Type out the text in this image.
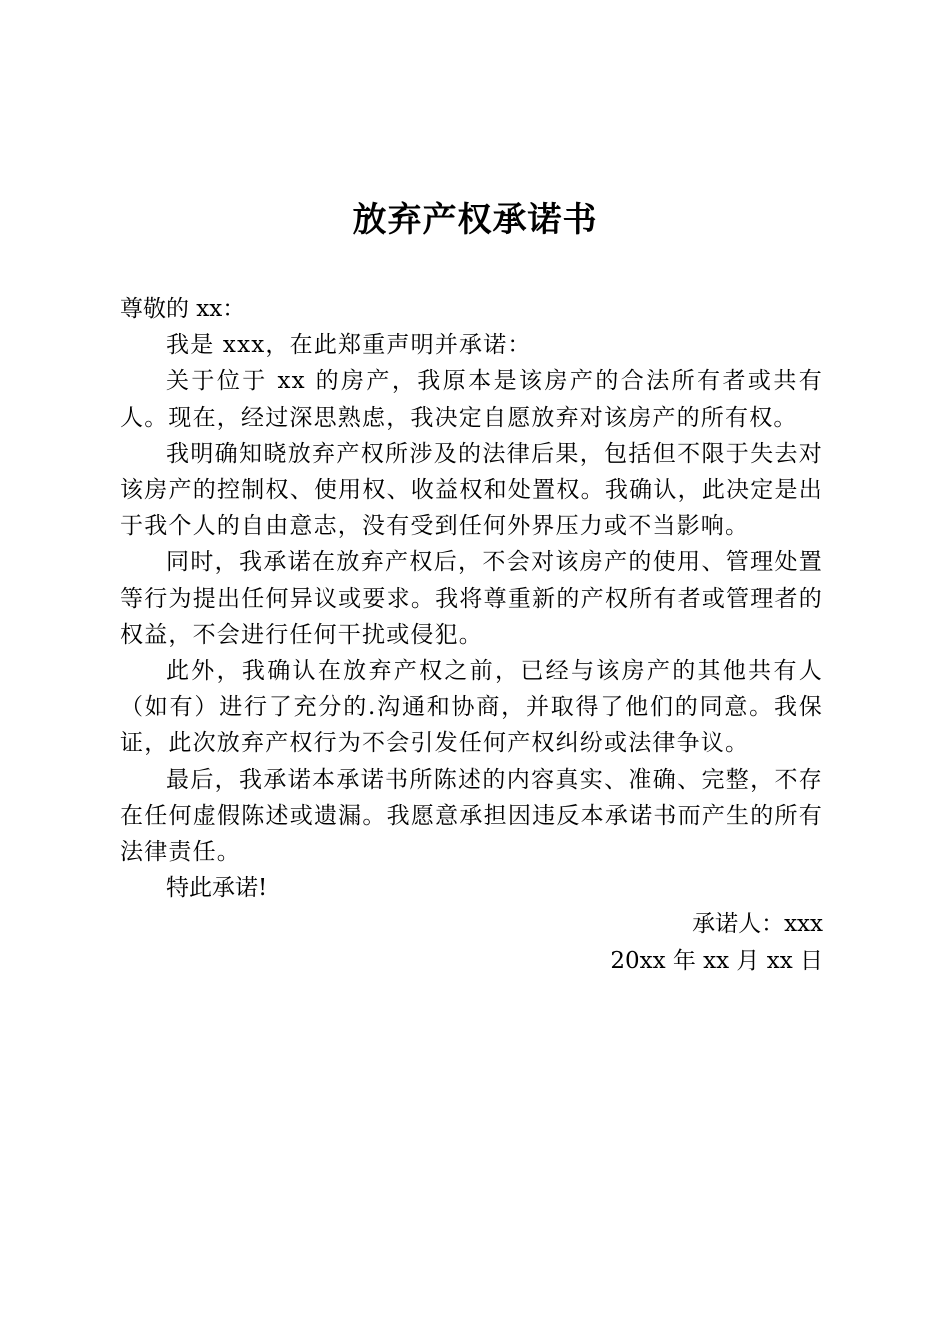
放弃产权承诺书

尊敬的 xx：

我是 xxx，在此郑重声明并承诺：

关于位于 xx 的房产，我原本是该房产的合法所有者或共有人。现在，经过深思熟虑，我决定自愿放弃对该房产的所有权。

我明确知晓放弃产权所涉及的法律后果，包括但不限于失去对该房产的控制权、使用权、收益权和处置权。我确认，此决定是出于我个人的自由意志，没有受到任何外界压力或不当影响。

同时，我承诺在放弃产权后，不会对该房产的使用、管理处置等行为提出任何异议或要求。我将尊重新的产权所有者或管理者的权益，不会进行任何干扰或侵犯。

此外，我确认在放弃产权之前，已经与该房产的其他共有人（如有）进行了充分的.沟通和协商，并取得了他们的同意。我保证，此次放弃产权行为不会引发任何产权纠纷或法律争议。

最后，我承诺本承诺书所陈述的内容真实、准确、完整，不存在任何虚假陈述或遗漏。我愿意承担因违反本承诺书而产生的所有法律责任。

特此承诺!

承诺人：xxx

20xx 年 xx 月 xx 日
